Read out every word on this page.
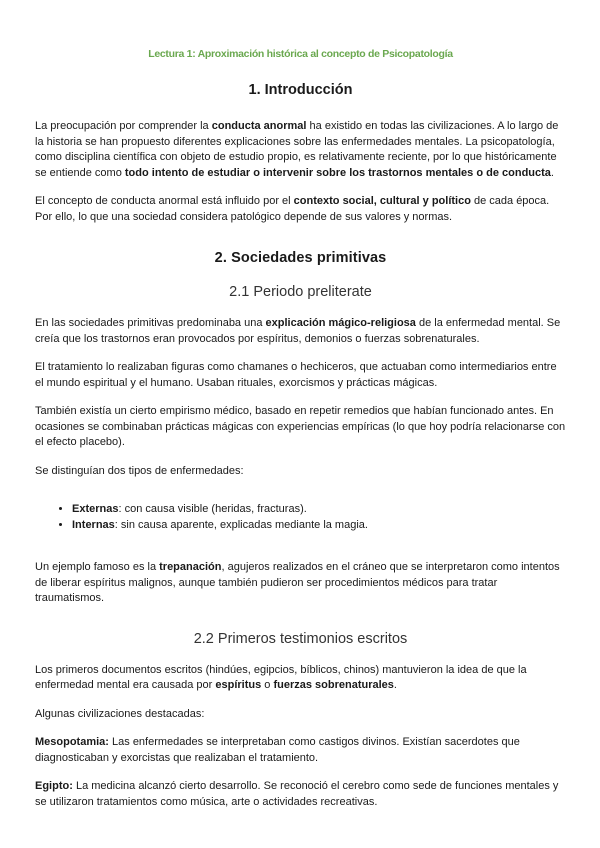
Lectura 1: Aproximación histórica al concepto de Psicopatología
1. Introducción

La preocupación por comprender la conducta anormal ha existido en todas las civilizaciones. A lo largo de la historia se han propuesto diferentes explicaciones sobre las enfermedades mentales. La psicopatología, como disciplina científica con objeto de estudio propio, es relativamente reciente, por lo que históricamente se entiende como todo intento de estudiar o intervenir sobre los trastornos mentales o de conducta.

El concepto de conducta anormal está influido por el contexto social, cultural y político de cada época. Por ello, lo que una sociedad considera patológico depende de sus valores y normas.

2. Sociedades primitivas
2.1 Periodo preliterate

En las sociedades primitivas predominaba una explicación mágico-religiosa de la enfermedad mental. Se creía que los trastornos eran provocados por espíritus, demonios o fuerzas sobrenaturales.

El tratamiento lo realizaban figuras como chamanes o hechiceros, que actuaban como intermediarios entre el mundo espiritual y el humano. Usaban rituales, exorcismos y prácticas mágicas.

También existía un cierto empirismo médico, basado en repetir remedios que habían funcionado antes. En ocasiones se combinaban prácticas mágicas con experiencias empíricas (lo que hoy podría relacionarse con el efecto placebo).

Se distinguían dos tipos de enfermedades:

• Externas: con causa visible (heridas, fracturas).
• Internas: sin causa aparente, explicadas mediante la magia.

Un ejemplo famoso es la trepanación, agujeros realizados en el cráneo que se interpretaron como intentos de liberar espíritus malignos, aunque también pudieron ser procedimientos médicos para tratar traumatismos.

2.2 Primeros testimonios escritos

Los primeros documentos escritos (hindúes, egipcios, bíblicos, chinos) mantuvieron la idea de que la enfermedad mental era causada por espíritus o fuerzas sobrenaturales.

Algunas civilizaciones destacadas:

Mesopotamia: Las enfermedades se interpretaban como castigos divinos. Existían sacerdotes que diagnosticaban y exorcistas que realizaban el tratamiento.

Egipto: La medicina alcanzó cierto desarrollo. Se reconoció el cerebro como sede de funciones mentales y se utilizaron tratamientos como música, arte o actividades recreativas.
